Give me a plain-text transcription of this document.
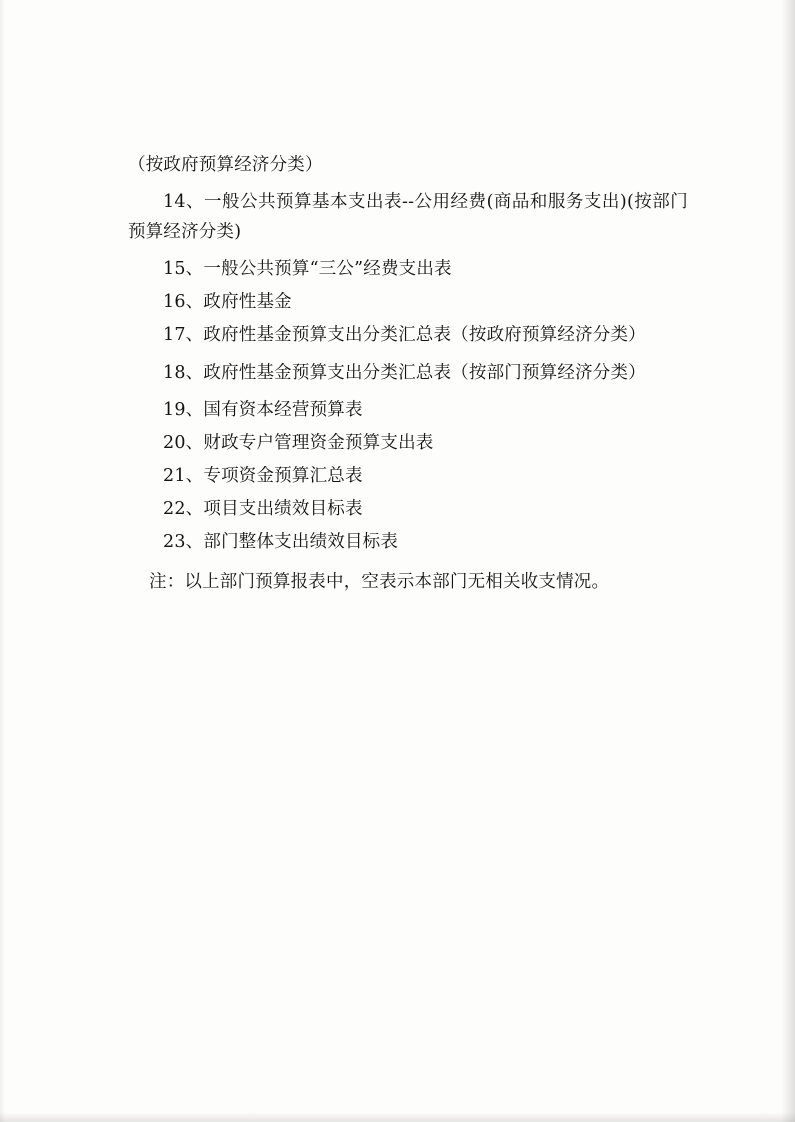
（按政府预算经济分类）

14、一般公共预算基本支出表--公用经费(商品和服务支出)(按部门预算经济分类)

15、一般公共预算“三公”经费支出表

16、政府性基金

17、政府性基金预算支出分类汇总表（按政府预算经济分类）

18、政府性基金预算支出分类汇总表（按部门预算经济分类）

19、国有资本经营预算表

20、财政专户管理资金预算支出表

21、专项资金预算汇总表

22、项目支出绩效目标表

23、部门整体支出绩效目标表

注：以上部门预算报表中，空表示本部门无相关收支情况。
